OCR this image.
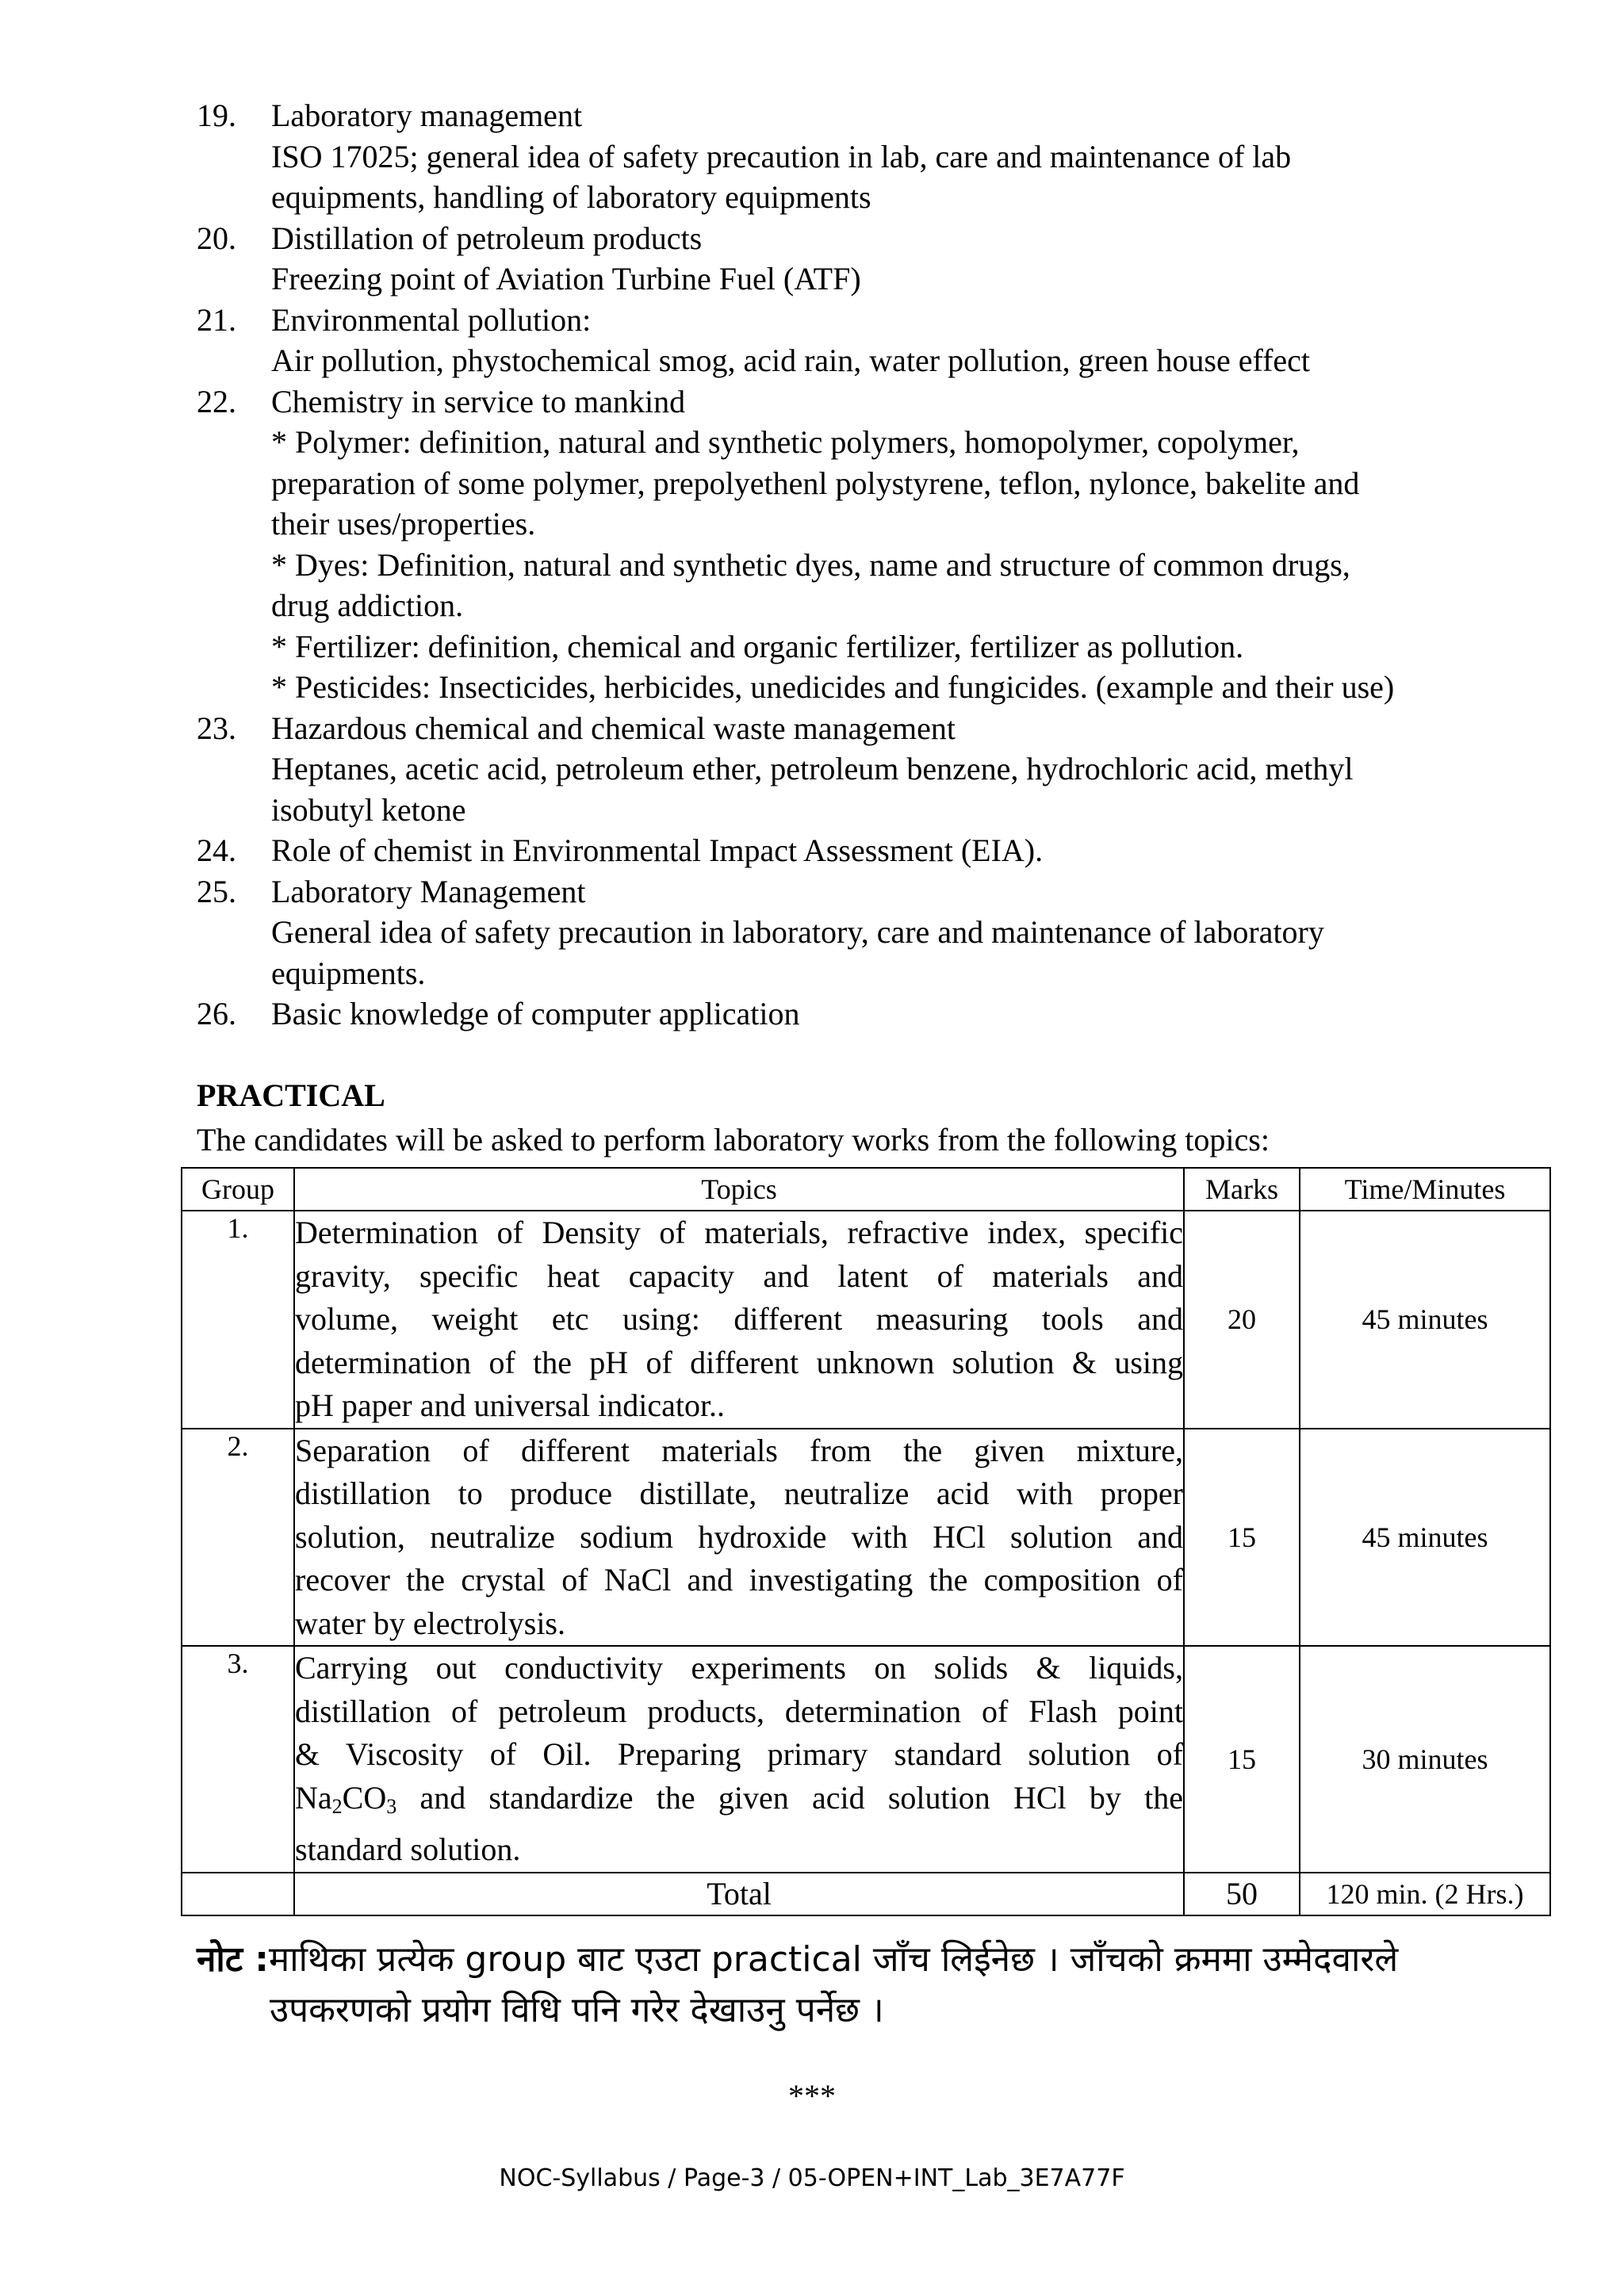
19. Laboratory management
ISO 17025; general idea of safety precaution in lab, care and maintenance of lab
equipments, handling of laboratory equipments
20. Distillation of petroleum products
Freezing point of Aviation Turbine Fuel (ATF)
21. Environmental pollution:
Air pollution, phystochemical smog, acid rain, water pollution, green house effect
22. Chemistry in service to mankind
* Polymer: definition, natural and synthetic polymers, homopolymer, copolymer,
preparation of some polymer, prepolyethenl polystyrene, teflon, nylonce, bakelite and
their uses/properties.
* Dyes: Definition, natural and synthetic dyes, name and structure of common drugs,
drug addiction.
* Fertilizer: definition, chemical and organic fertilizer, fertilizer as pollution.
* Pesticides: Insecticides, herbicides, unedicides and fungicides. (example and their use)
23. Hazardous chemical and chemical waste management
Heptanes, acetic acid, petroleum ether, petroleum benzene, hydrochloric acid, methyl
isobutyl ketone
24. Role of chemist in Environmental Impact Assessment (EIA).
25. Laboratory Management
General idea of safety precaution in laboratory, care and maintenance of laboratory
equipments.
26. Basic knowledge of computer application
PRACTICAL
The candidates will be asked to perform laboratory works from the following topics:
Group	Topics	Marks	Time/Minutes
1.	Determination of Density of materials, refractive index, specific
gravity, specific heat capacity and latent of materials and
volume, weight etc using: different measuring tools and
determination of the pH of different unknown solution & using
pH paper and universal indicator..	20	45 minutes
2.	Separation of different materials from the given mixture,
distillation to produce distillate, neutralize acid with proper
solution, neutralize sodium hydroxide with HCl solution and
recover the crystal of NaCl and investigating the composition of
water by electrolysis.	15	45 minutes
3.	Carrying out conductivity experiments on solids & liquids,
distillation of petroleum products, determination of Flash point
& Viscosity of Oil. Preparing primary standard solution of
$Na_2CO_3$ and standardize the given acid solution HCl by the
standard solution.	15	30 minutes
	Total	50	120 min. (2 Hrs.)
नोट :माथिका प्रत्येक group बाट एउटा practical जाँच लिईनेछ । जाँचको क्रममा उम्मेदवारले
उपकरणको प्रयोग विधि पनि गरेर देखाउनु पर्नेछ ।
***
NOC-Syllabus / Page-3 / 05-OPEN+INT_Lab_3E7A77F
